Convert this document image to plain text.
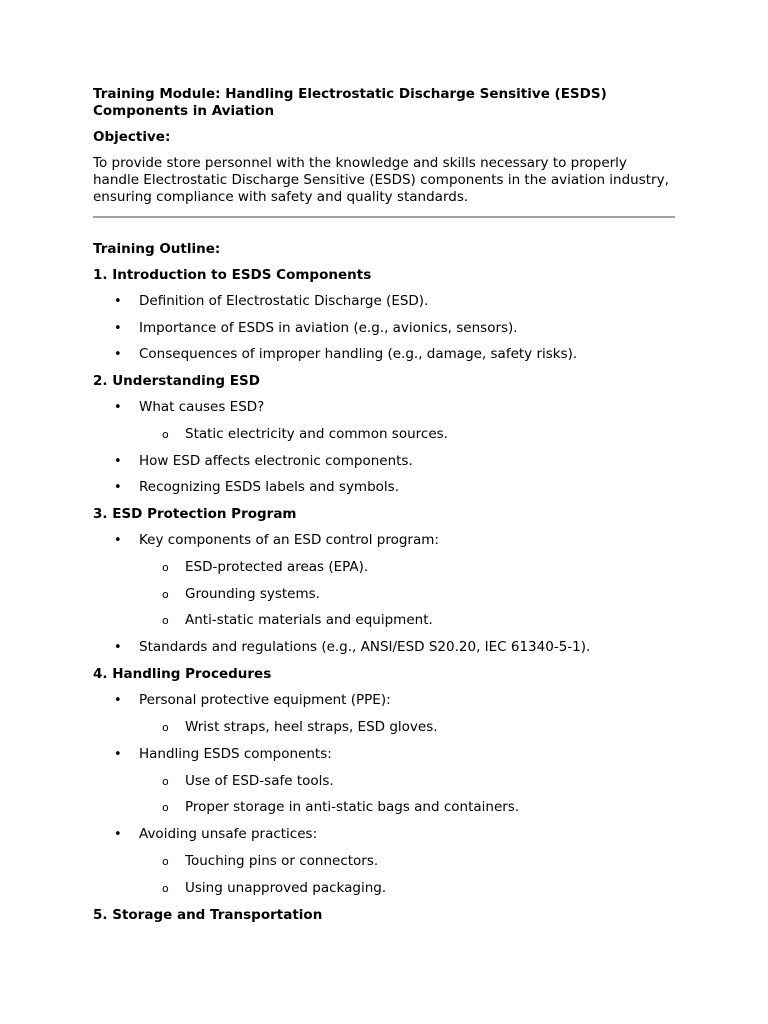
Training Module: Handling Electrostatic Discharge Sensitive (ESDS) Components in Aviation
Objective:
To provide store personnel with the knowledge and skills necessary to properly handle Electrostatic Discharge Sensitive (ESDS) components in the aviation industry, ensuring compliance with safety and quality standards.
Training Outline:
1. Introduction to ESDS Components
• Definition of Electrostatic Discharge (ESD).
• Importance of ESDS in aviation (e.g., avionics, sensors).
• Consequences of improper handling (e.g., damage, safety risks).
2. Understanding ESD
• What causes ESD?
o Static electricity and common sources.
• How ESD affects electronic components.
• Recognizing ESDS labels and symbols.
3. ESD Protection Program
• Key components of an ESD control program:
o ESD-protected areas (EPA).
o Grounding systems.
o Anti-static materials and equipment.
• Standards and regulations (e.g., ANSI/ESD S20.20, IEC 61340-5-1).
4. Handling Procedures
• Personal protective equipment (PPE):
o Wrist straps, heel straps, ESD gloves.
• Handling ESDS components:
o Use of ESD-safe tools.
o Proper storage in anti-static bags and containers.
• Avoiding unsafe practices:
o Touching pins or connectors.
o Using unapproved packaging.
5. Storage and Transportation
